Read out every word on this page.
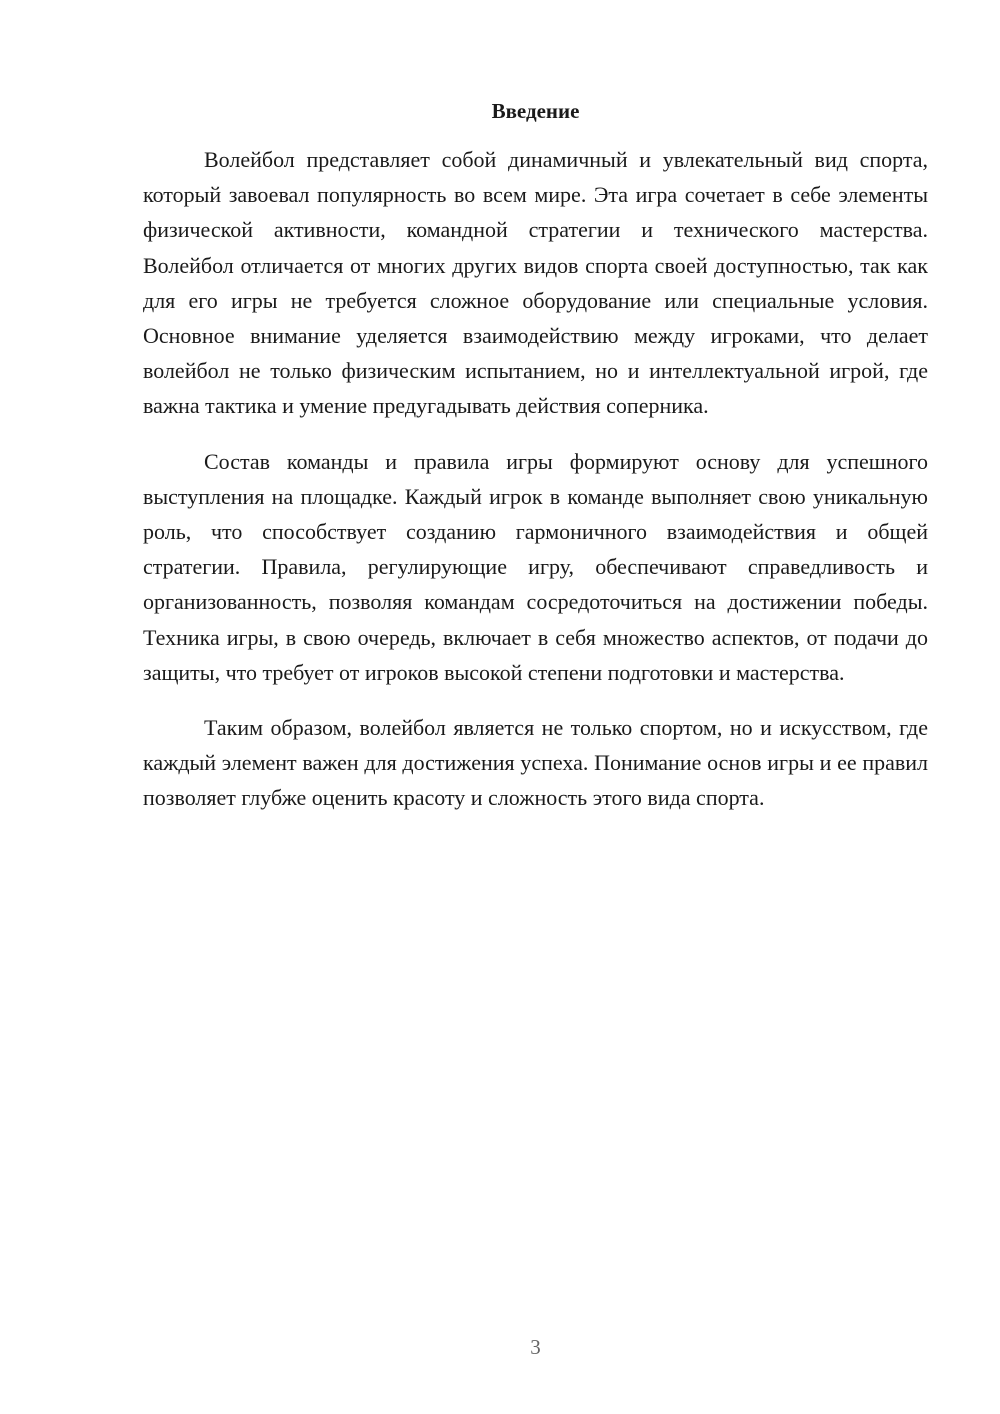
Введение

Волейбол представляет собой динамичный и увлекательный вид спорта, который завоевал популярность во всем мире. Эта игра сочетает в себе элементы физической активности, командной стратегии и технического мастерства. Волейбол отличается от многих других видов спорта своей доступностью, так как для его игры не требуется сложное оборудование или специальные условия. Основное внимание уделяется взаимодействию между игроками, что делает волейбол не только физическим испытанием, но и интеллектуальной игрой, где важна тактика и умение предугадывать действия соперника.

Состав команды и правила игры формируют основу для успешного выступления на площадке. Каждый игрок в команде выполняет свою уникальную роль, что способствует созданию гармоничного взаимодействия и общей стратегии. Правила, регулирующие игру, обеспечивают справедливость и организованность, позволяя командам сосредоточиться на достижении победы. Техника игры, в свою очередь, включает в себя множество аспектов, от подачи до защиты, что требует от игроков высокой степени подготовки и мастерства.

Таким образом, волейбол является не только спортом, но и искусством, где каждый элемент важен для достижения успеха. Понимание основ игры и ее правил позволяет глубже оценить красоту и сложность этого вида спорта.

3
